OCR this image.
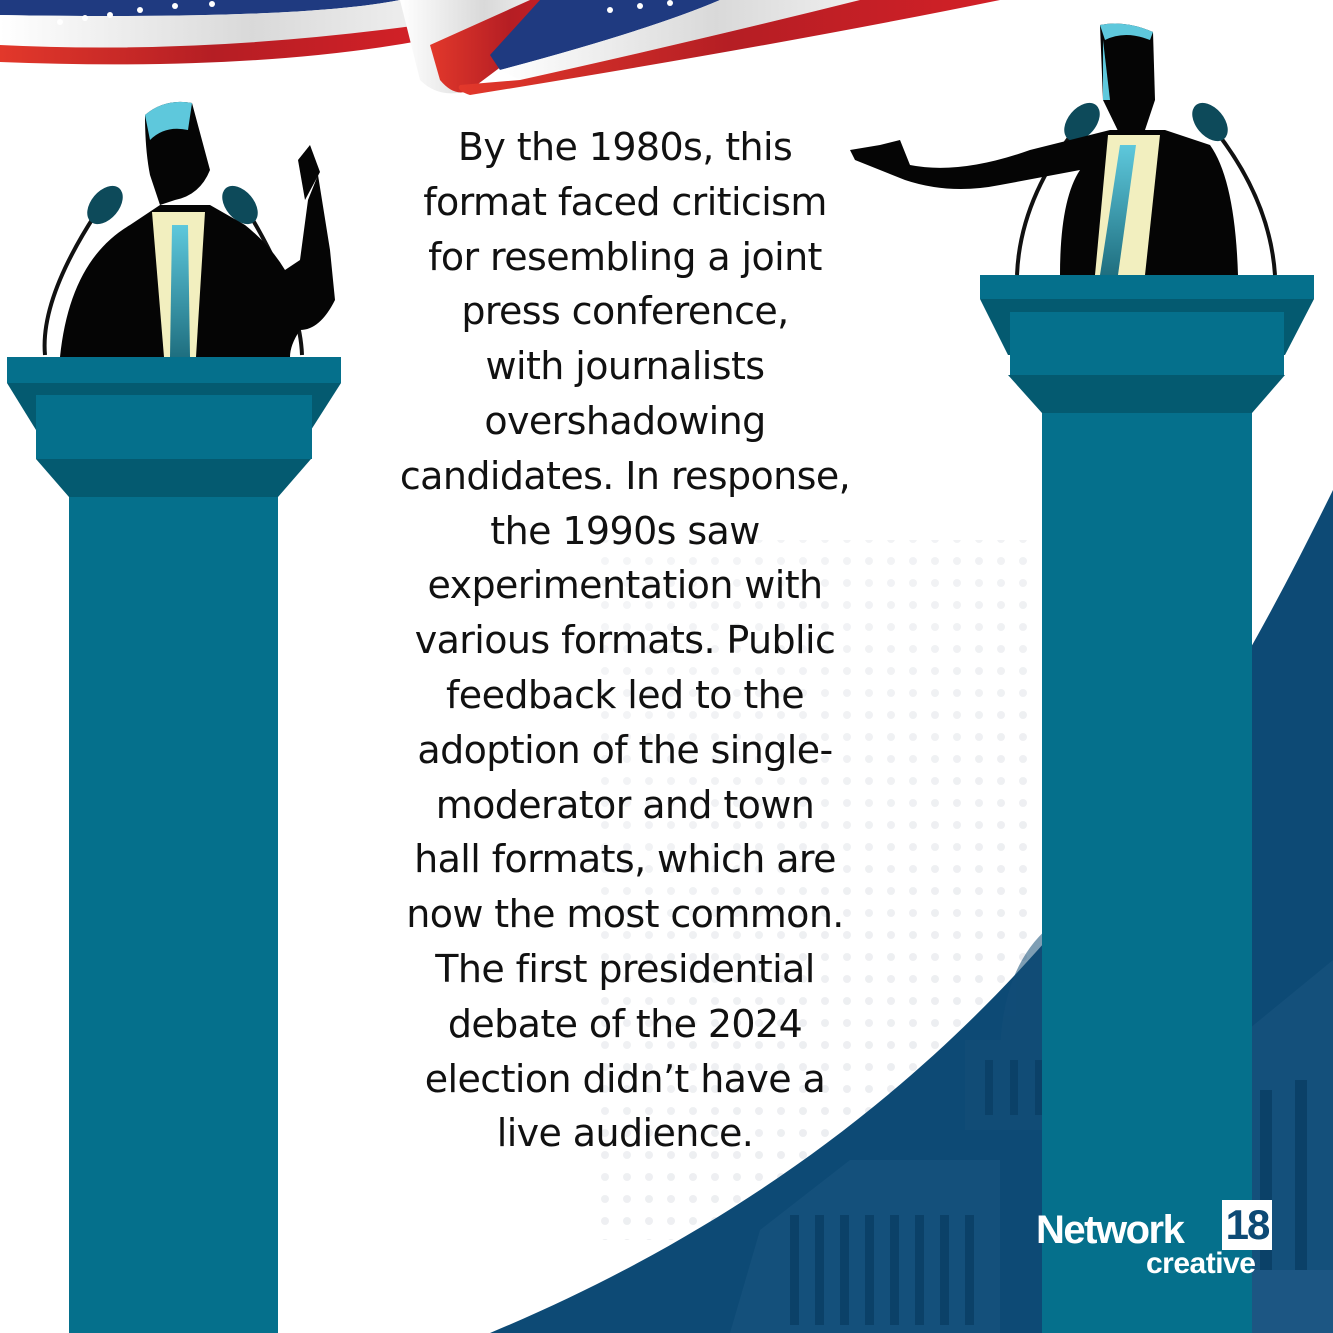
By the 1980s, this
format faced criticism
for resembling a joint
press conference,
with journalists
overshadowing
candidates. In response,
the 1990s saw
experimentation with
various formats. Public
feedback led to the
adoption of the single-
moderator and town
hall formats, which are
now the most common.
The first presidential
debate of the 2024
election didn’t have a
live audience.

Network 18
creative
